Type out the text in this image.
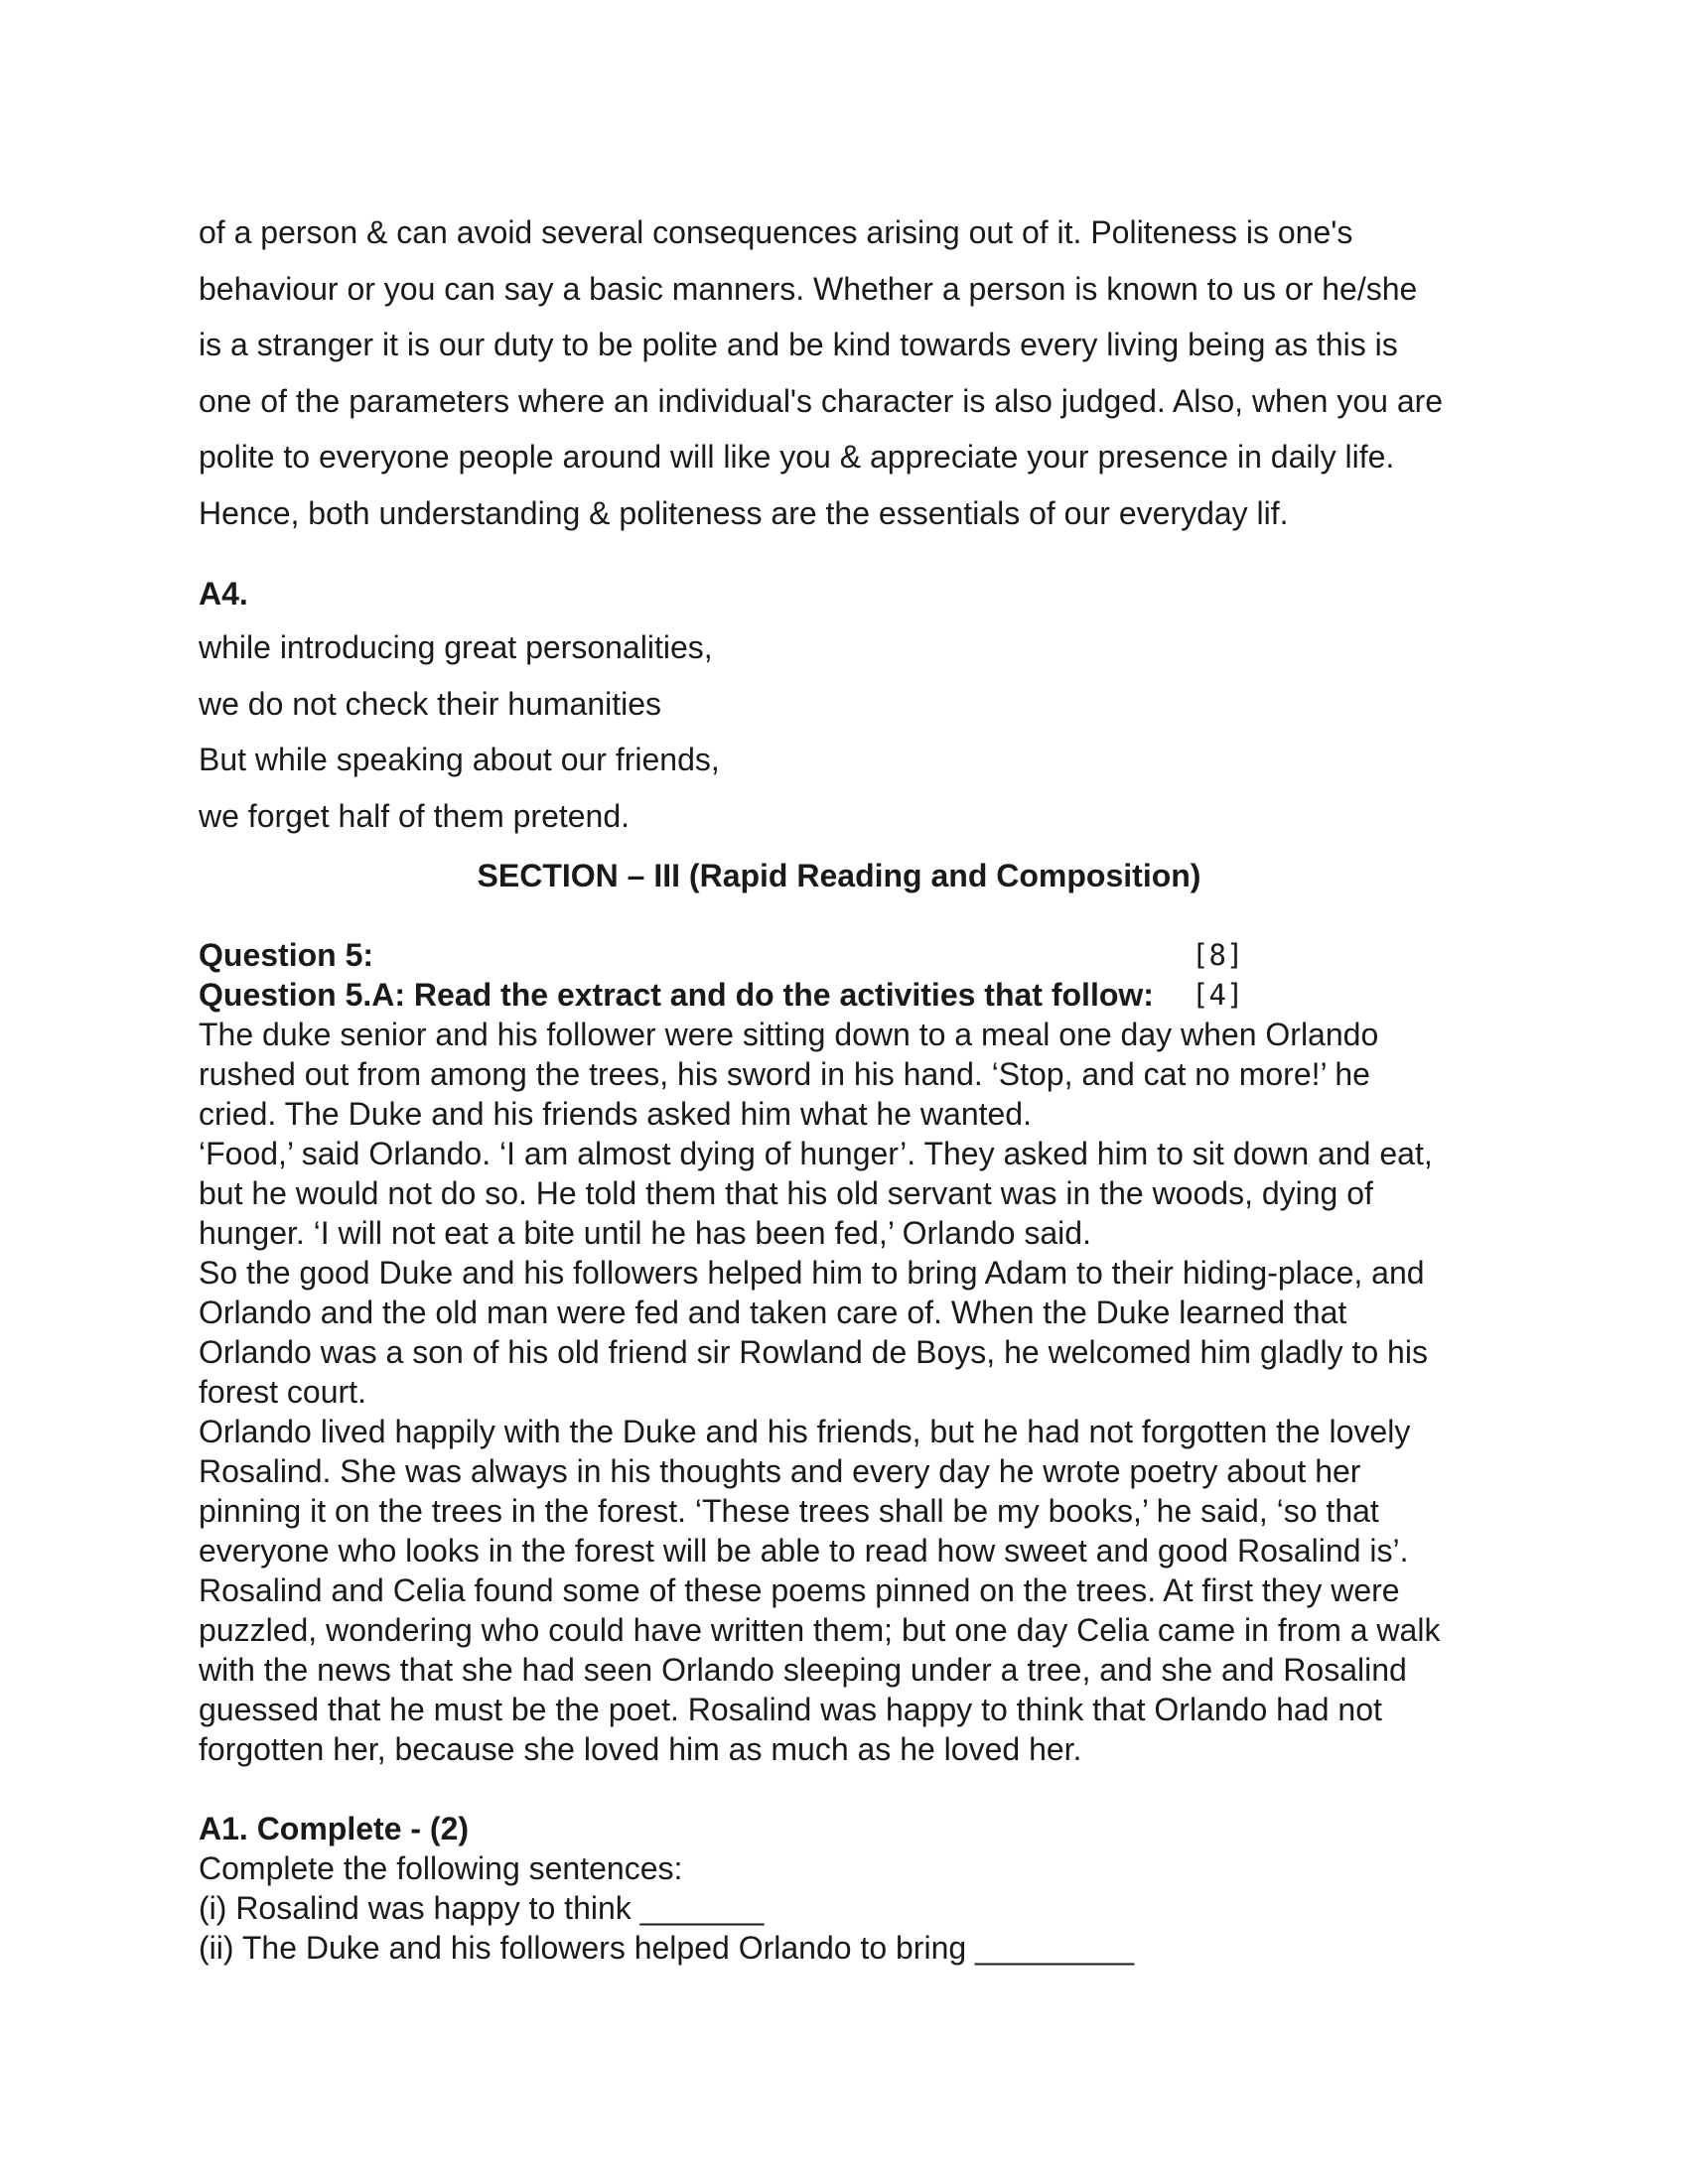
of a person & can avoid several consequences arising out of it. Politeness is one's

behaviour or you can say a basic manners. Whether a person is known to us or he/she

is a stranger it is our duty to be polite and be kind towards every living being as this is

one of the parameters where an individual's character is also judged. Also, when you are

polite to everyone people around will like you & appreciate your presence in daily life.

Hence, both understanding & politeness are the essentials of our everyday lif.

A4.

while introducing great personalities,

we do not check their humanities

But while speaking about our friends,

we forget half of them pretend.

SECTION – III (Rapid Reading and Composition)
Question 5:	[8]
Question 5.A: Read the extract and do the activities that follow: [4]

The duke senior and his follower were sitting down to a meal one day when Orlando

rushed out from among the trees, his sword in his hand. ‘Stop, and cat no more!’ he

cried. The Duke and his friends asked him what he wanted.

‘Food,’ said Orlando. ‘I am almost dying of hunger’. They asked him to sit down and eat,

but he would not do so. He told them that his old servant was in the woods, dying of

hunger. ‘I will not eat a bite until he has been fed,’ Orlando said.

So the good Duke and his followers helped him to bring Adam to their hiding-place, and

Orlando and the old man were fed and taken care of. When the Duke learned that

Orlando was a son of his old friend sir Rowland de Boys, he welcomed him gladly to his

forest court.

Orlando lived happily with the Duke and his friends, but he had not forgotten the lovely

Rosalind. She was always in his thoughts and every day he wrote poetry about her

pinning it on the trees in the forest. ‘These trees shall be my books,’ he said, ‘so that

everyone who looks in the forest will be able to read how sweet and good Rosalind is’.

Rosalind and Celia found some of these poems pinned on the trees. At first they were

puzzled, wondering who could have written them; but one day Celia came in from a walk

with the news that she had seen Orlando sleeping under a tree, and she and Rosalind

guessed that he must be the poet. Rosalind was happy to think that Orlando had not

forgotten her, because she loved him as much as he loved her.

A1. Complete - (2)

Complete the following sentences:

(i) Rosalind was happy to think _______

(ii) The Duke and his followers helped Orlando to bring _________
